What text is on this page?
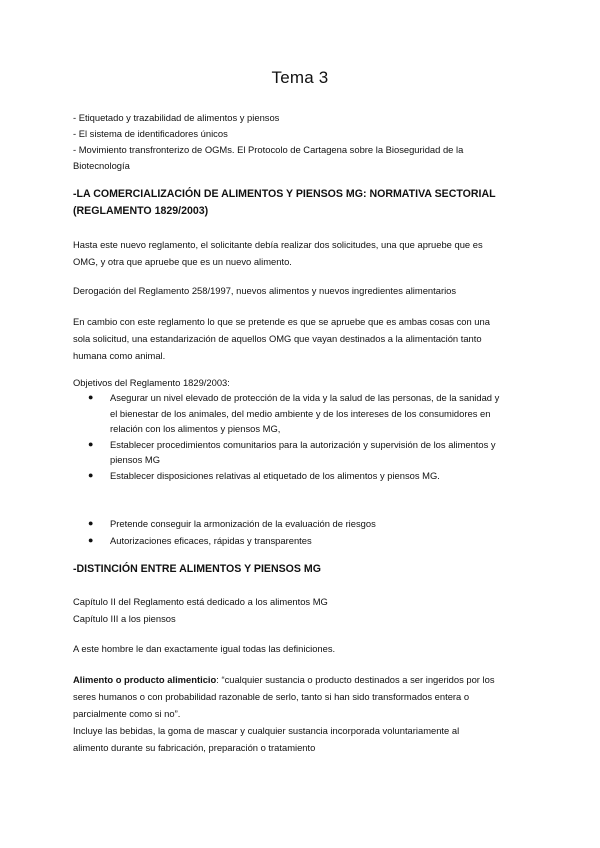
Tema 3
- Etiquetado y trazabilidad de alimentos y piensos
- El sistema de identificadores únicos
- Movimiento transfronterizo de OGMs. El Protocolo de Cartagena sobre la Bioseguridad de la
Biotecnología
-LA COMERCIALIZACIÓN DE ALIMENTOS Y PIENSOS MG: NORMATIVA SECTORIAL
(REGLAMENTO 1829/2003)
Hasta este nuevo reglamento, el solicitante debía realizar dos solicitudes, una que apruebe que es
OMG, y otra que apruebe que es un nuevo alimento.
Derogación del Reglamento 258/1997, nuevos alimentos y nuevos ingredientes alimentarios
En cambio con este reglamento lo que se pretende es que se apruebe que es ambas cosas con una
sola solicitud, una estandarización de aquellos OMG que vayan destinados a la alimentación tanto
humana como animal.
Objetivos del Reglamento 1829/2003:
● Asegurar un nivel elevado de protección de la vida y la salud de las personas, de la sanidad y
el bienestar de los animales, del medio ambiente y de los intereses de los consumidores en
relación con los alimentos y piensos MG,
● Establecer procedimientos comunitarios para la autorización y supervisión de los alimentos y
piensos MG
● Establecer disposiciones relativas al etiquetado de los alimentos y piensos MG.
● Pretende conseguir la armonización de la evaluación de riesgos
● Autorizaciones eficaces, rápidas y transparentes
-DISTINCIÓN ENTRE ALIMENTOS Y PIENSOS MG
Capítulo II del Reglamento está dedicado a los alimentos MG
Capítulo III a los piensos
A este hombre le dan exactamente igual todas las definiciones.
Alimento o producto alimenticio: “cualquier sustancia o producto destinados a ser ingeridos por los
seres humanos o con probabilidad razonable de serlo, tanto si han sido transformados entera o
parcialmente como si no”.
Incluye las bebidas, la goma de mascar y cualquier sustancia incorporada voluntariamente al
alimento durante su fabricación, preparación o tratamiento
